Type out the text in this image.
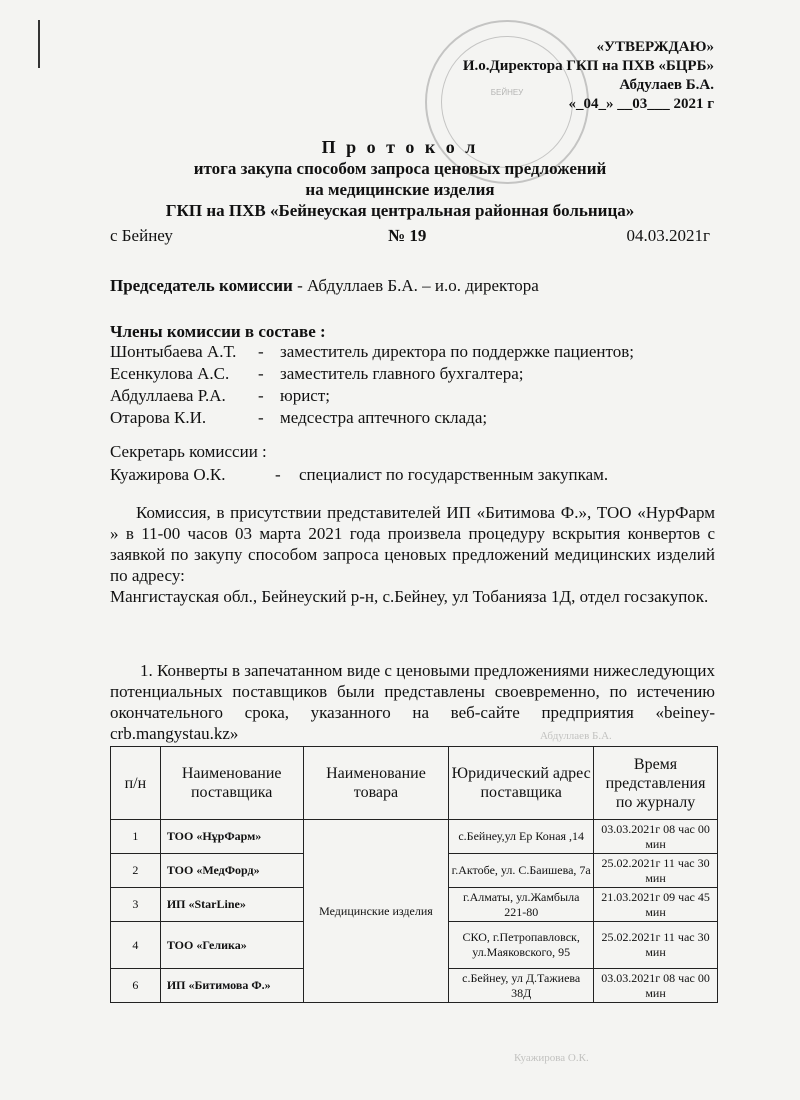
БЕЙНЕУ
«УТВЕРЖДАЮ»
И.о.Директора ГКП на ПХВ «БЦРБ»
Абдулаев Б.А.
«_04_» __03___ 2021 г
П р о т о к о л
итога закупа способом запроса ценовых предложений
на медицинские изделия
ГКП на ПХВ «Бейнеуская центральная районная больница»
с Бейнеу	№ 19	04.03.2021г
Председатель комиссии - Абдуллаев Б.А. – и.о. директора
Члены комиссии в составе :
Шонтыбаева А.Т. - заместитель директора по поддержке пациентов;
Есенкулова А.С. - заместитель главного бухгалтера;
Абдуллаева Р.А. - юрист;
Отарова К.И.	- медсестра аптечного склада;
Секретарь комиссии :
Куажирова О.К.	- специалист по государственным закупкам.
Комиссия, в присутствии представителей ИП «Битимова Ф.», ТОО «НурФарм » в 11-00 часов 03 марта 2021 года произвела процедуру вскрытия конвертов с заявкой по закупу способом запроса ценовых предложений медицинских изделий по адресу:
Мангистауская обл., Бейнеуский р-н, с.Бейнеу, ул Тобанияза 1Д, отдел госзакупок.
1. Конверты в запечатанном виде с ценовыми предложениями нижеследующих потенциальных поставщиков были представлены своевременно, по истечению окончательного срока, указанного на веб-сайте предприятия «beiney-crb.mangystau.kz»
п/н	Наименование поставщика	Наименование товара	Юридический адрес поставщика	Время представления по журналу
1	ТОО «НұрФарм»	Медицинские изделия	с.Бейнеу,ул Ер Коная ,14	03.03.2021г 08 час 00 мин
2	ТОО «МедФорд»		г.Актобе, ул. С.Баишева, 7а	25.02.2021г 11 час 30 мин
3	ИП «StarLine»		г.Алматы, ул.Жамбыла 221-80	21.03.2021г 09 час 45 мин
4	ТОО «Гелика»		СКО, г.Петропавловск, ул.Маяковского, 95	25.02.2021г 11 час 30 мин
6	ИП «Битимова Ф.»		с.Бейнеу, ул Д.Тажиева 38Д	03.03.2021г 08 час 00 мин
Куажирова О.К.
Абдуллаев Б.А.
